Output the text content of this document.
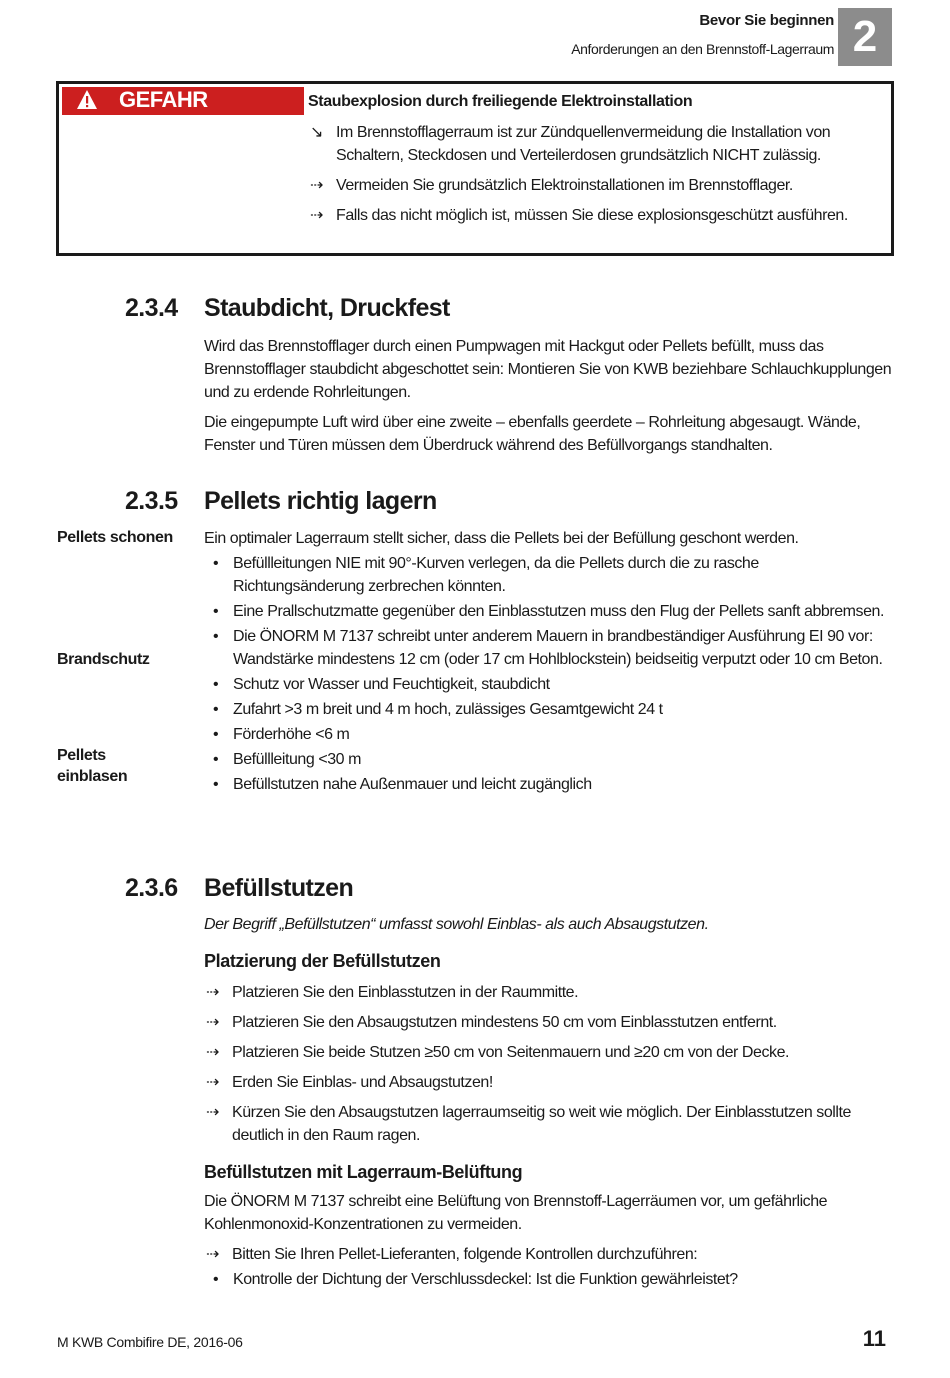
Bevor Sie beginnen
Anforderungen an den Brennstoff-Lagerraum 2
GEFAHR	Staubexplosion durch freiliegende Elektroinstallation
↘ Im Brennstofflagerraum ist zur Zündquellenvermeidung die Installation von Schaltern, Steckdosen und Verteilerdosen grundsätzlich NICHT zulässig.
⇢ Vermeiden Sie grundsätzlich Elektroinstallationen im Brennstofflager.
⇢ Falls das nicht möglich ist, müssen Sie diese explosionsgeschützt ausführen.
2.3.4 Staubdicht, Druckfest

Wird das Brennstofflager durch einen Pumpwagen mit Hackgut oder Pellets befüllt, muss das Brennstofflager staubdicht abgeschottet sein: Montieren Sie von KWB beziehbare Schlauchkupplungen und zu erdende Rohrleitungen.

Die eingepumpte Luft wird über eine zweite – ebenfalls geerdete – Rohrleitung abgesaugt. Wände, Fenster und Türen müssen dem Überdruck während des Befüllvorgangs standhalten.

2.3.5 Pellets richtig lagern
Pellets schonen
Brandschutz
Pellets einblasen

Ein optimaler Lagerraum stellt sicher, dass die Pellets bei der Befüllung geschont werden.

• Befüllleitungen NIE mit 90°-Kurven verlegen, da die Pellets durch die zu rasche Richtungsänderung zerbrechen könnten.
• Eine Prallschutzmatte gegenüber den Einblasstutzen muss den Flug der Pellets sanft abbremsen.
• Die ÖNORM M 7137 schreibt unter anderem Mauern in brandbeständiger Ausführung EI 90 vor: Wandstärke mindestens 12 cm (oder 17 cm Hohlblockstein) beidseitig verputzt oder 10 cm Beton.
• Schutz vor Wasser und Feuchtigkeit, staubdicht
• Zufahrt >3 m breit und 4 m hoch, zulässiges Gesamtgewicht 24 t
• Förderhöhe <6 m
• Befüllleitung <30 m
• Befüllstutzen nahe Außenmauer und leicht zugänglich
2.3.6 Befüllstutzen

Der Begriff „Befüllstutzen“ umfasst sowohl Einblas- als auch Absaugstutzen.

Platzierung der Befüllstutzen

⇢ Platzieren Sie den Einblasstutzen in der Raummitte.
⇢ Platzieren Sie den Absaugstutzen mindestens 50 cm vom Einblasstutzen entfernt.
⇢ Platzieren Sie beide Stutzen ≥50 cm von Seitenmauern und ≥20 cm von der Decke.
⇢ Erden Sie Einblas- und Absaugstutzen!
⇢ Kürzen Sie den Absaugstutzen lagerraumseitig so weit wie möglich. Der Einblasstutzen sollte deutlich in den Raum ragen.

Befüllstutzen mit Lagerraum-Belüftung

Die ÖNORM M 7137 schreibt eine Belüftung von Brennstoff-Lagerräumen vor, um gefährliche Kohlenmonoxid-Konzentrationen zu vermeiden.

⇢ Bitten Sie Ihren Pellet-Lieferanten, folgende Kontrollen durchzuführen:
• Kontrolle der Dichtung der Verschlussdeckel: Ist die Funktion gewährleistet?
M KWB Combifire DE, 2016-06	11
